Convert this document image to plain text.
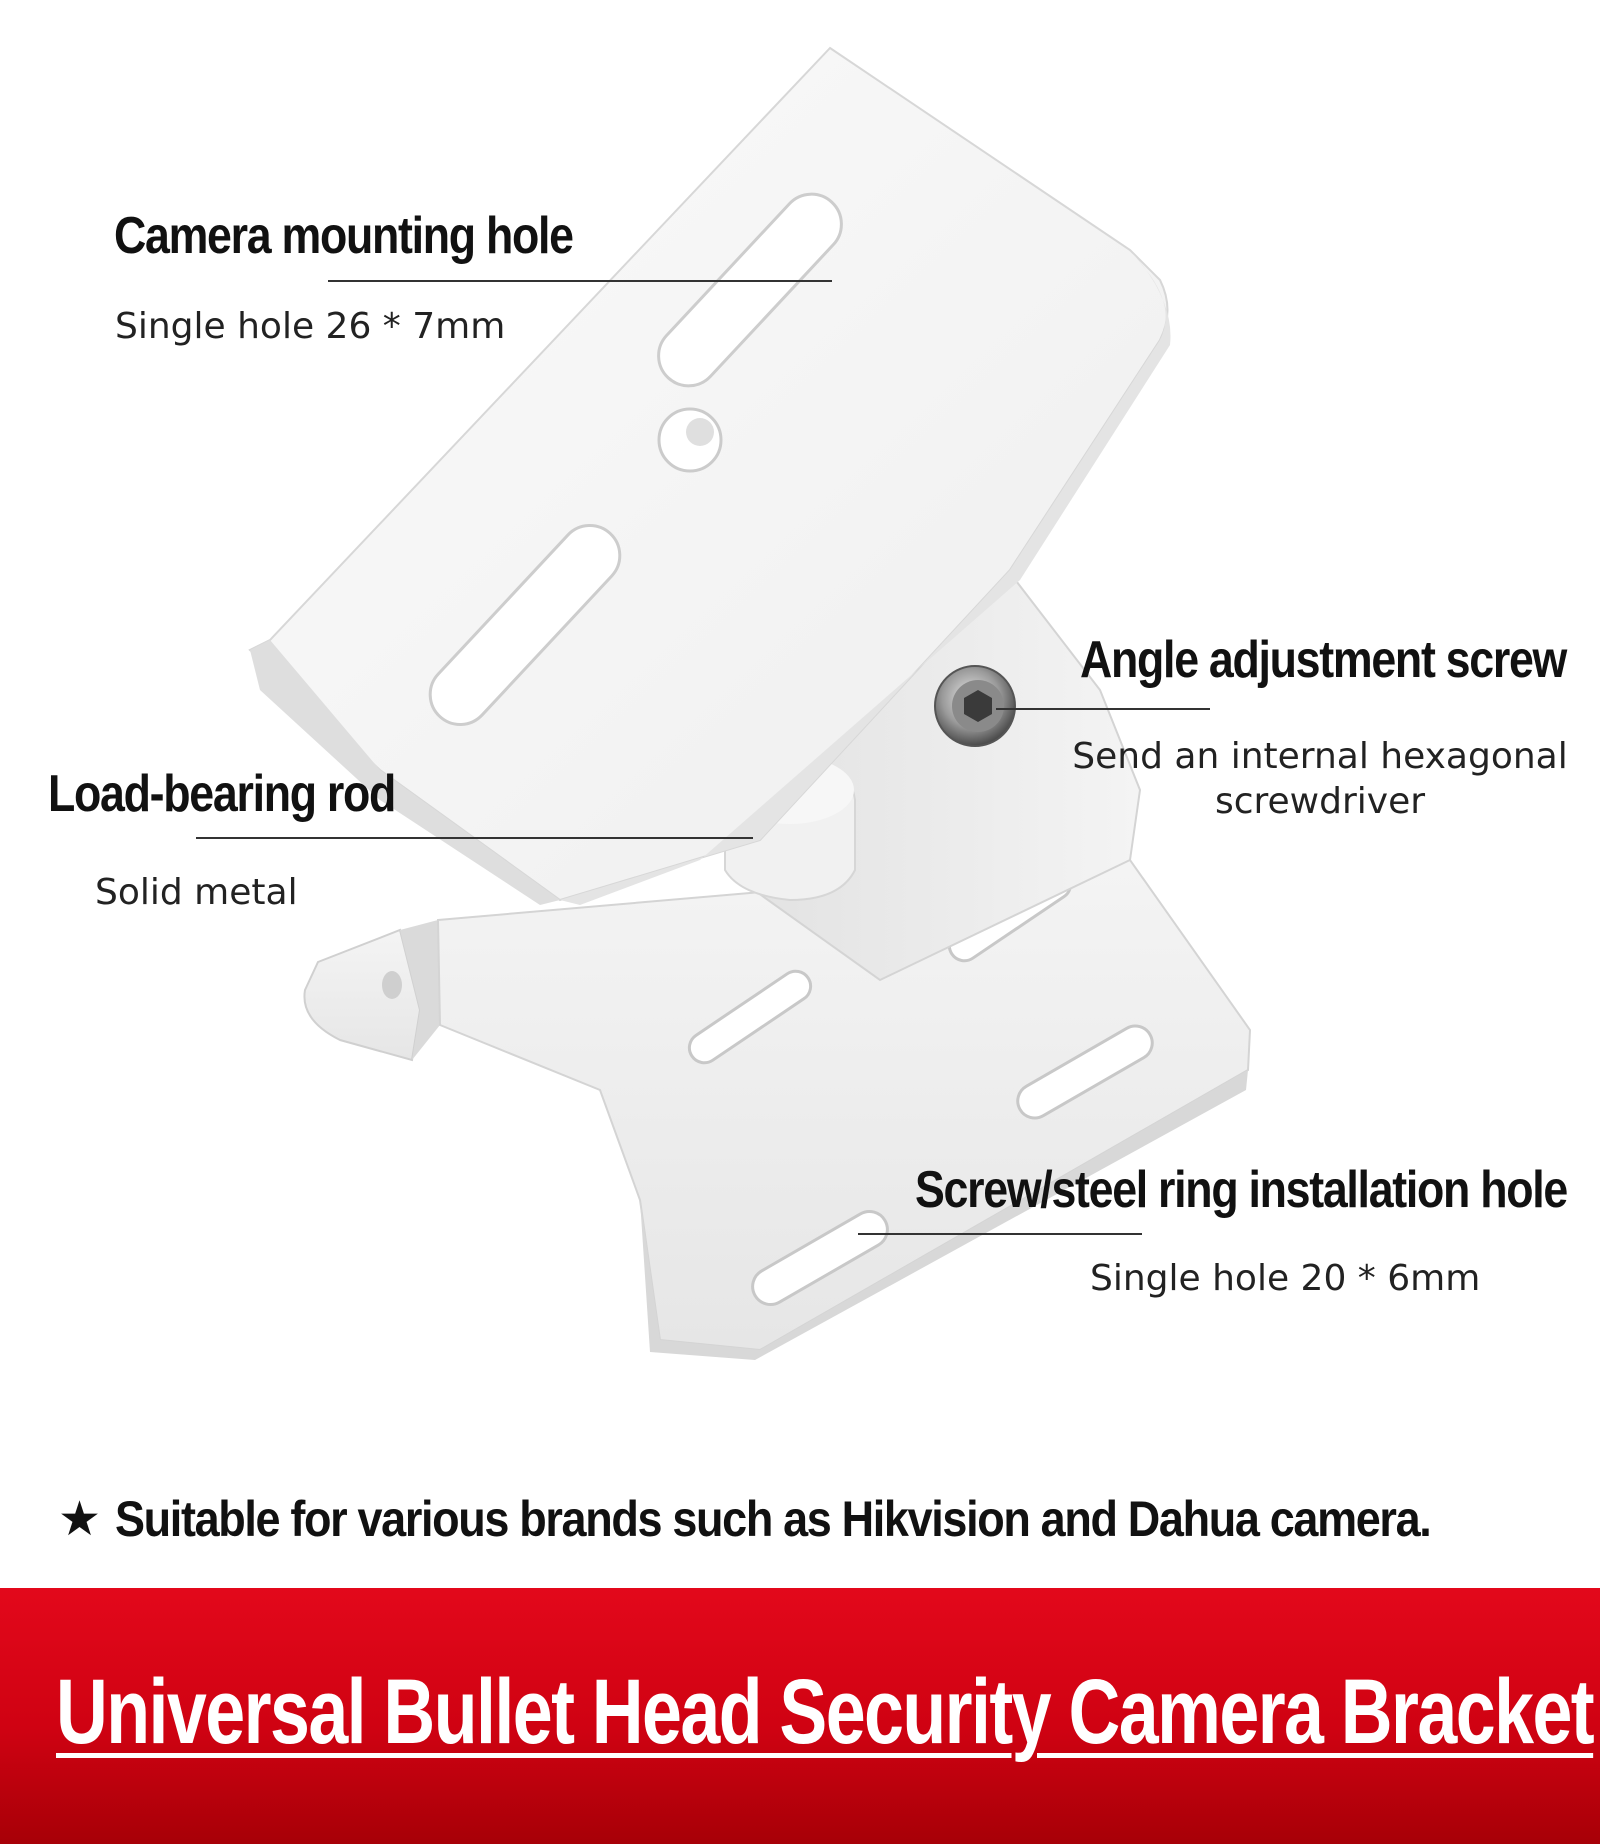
Camera mounting hole
Single hole 26 * 7mm
Angle adjustment screw
Send an internal hexagonal
screwdriver
Load-bearing rod
Solid metal
Screw/steel ring installation hole
Single hole 20 * 6mm
★ Suitable for various brands such as Hikvision and Dahua camera.
Universal Bullet Head Security Camera Bracket
